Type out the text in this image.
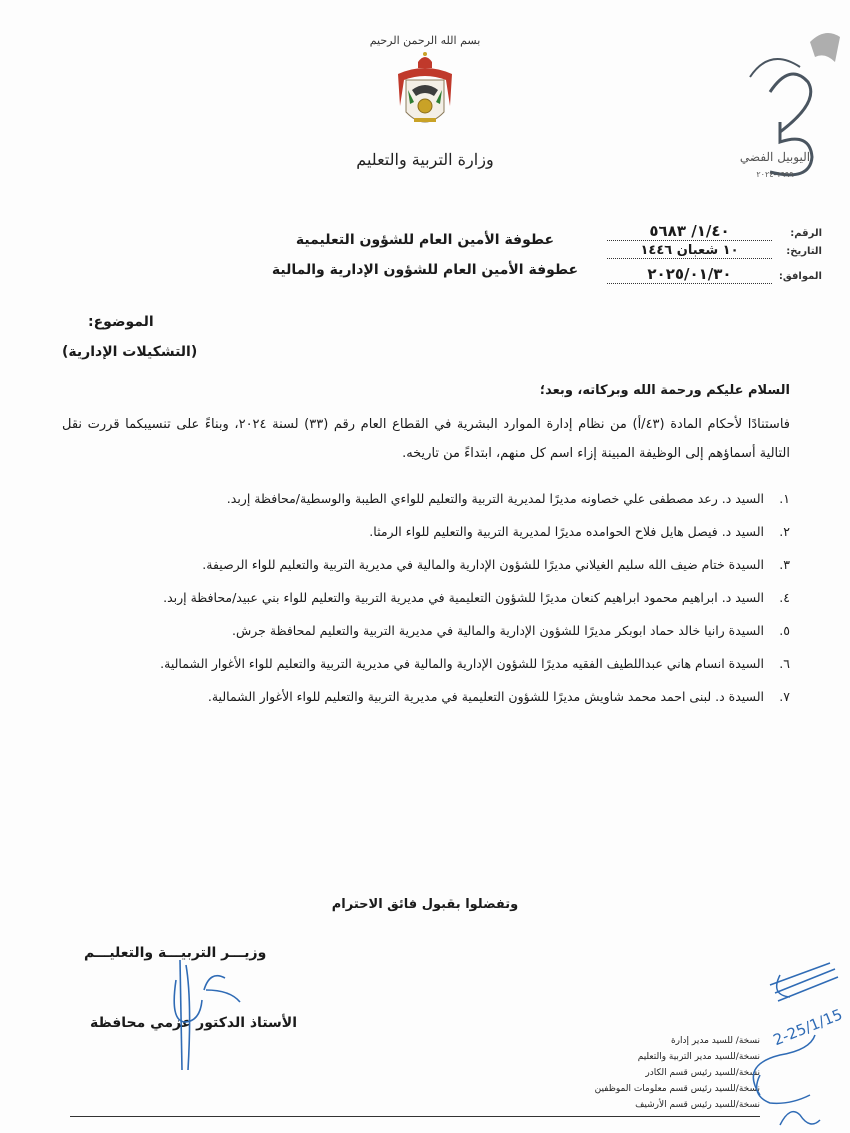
بسم الله الرحمن الرحيم
وزارة التربية والتعليم	اليوبيل الفضي
١٩٩٩-٢٠٢٤
الرقم:
١/٤٠/ ٥٦٨٣
التاريخ:
١٠ شعبان ١٤٤٦
الموافق:
٢٠٢٥/٠١/٣٠
عطوفة الأمين العام للشؤون التعليمية
عطوفة الأمين العام للشؤون الإدارية والمالية
الموضوع:
(التشكيلات الإدارية)
السلام عليكم ورحمة الله وبركاته، وبعد؛
فاستنادًا لأحكام المادة (٤٣/أ) من نظام إدارة الموارد البشرية في القطاع العام رقم (٣٣) لسنة ٢٠٢٤، وبناءً على تنسيبكما قررت نقل التالية أسماؤهم إلى الوظيفة المبينة إزاء اسم كل منهم، ابتداءً من تاريخه.
١.
السيد د. رعد مصطفى علي خصاونه مديرًا لمديرية التربية والتعليم للواءي الطيبة والوسطية/محافظة إربد.
٢.
السيد د. فيصل هايل فلاح الحوامده مديرًا لمديرية التربية والتعليم للواء الرمثا.
٣.
السيدة ختام ضيف الله سليم الغيلاني مديرًا للشؤون الإدارية والمالية في مديرية التربية والتعليم للواء الرصيفة.
٤.
السيد د. ابراهيم محمود ابراهيم كنعان مديرًا للشؤون التعليمية في مديرية التربية والتعليم للواء بني عبيد/محافظة إربد.
٥.
السيدة رانيا خالد حماد ابوبكر مديرًا للشؤون الإدارية والمالية في مديرية التربية والتعليم لمحافظة جرش.
٦.
السيدة انسام هاني عبداللطيف الفقيه مديرًا للشؤون الإدارية والمالية في مديرية التربية والتعليم للواء الأغوار الشمالية.
٧.
السيدة د. لبنى احمد محمد شاويش مديرًا للشؤون التعليمية في مديرية التربية والتعليم للواء الأغوار الشمالية.
وتفضلوا بقبول فائق الاحترام
وزيـــر التربيـــة والتعليـــم
الأستاذ الدكتور عزمي محافظة
نسخة/ للسيد مدير إدارة
نسخة/للسيد مدير التربية والتعليم
نسخة/للسيد رئيس قسم الكادر
نسخة/للسيد رئيس قسم معلومات الموظفين
نسخة/للسيد رئيس قسم الأرشيف
2-25/1/15
